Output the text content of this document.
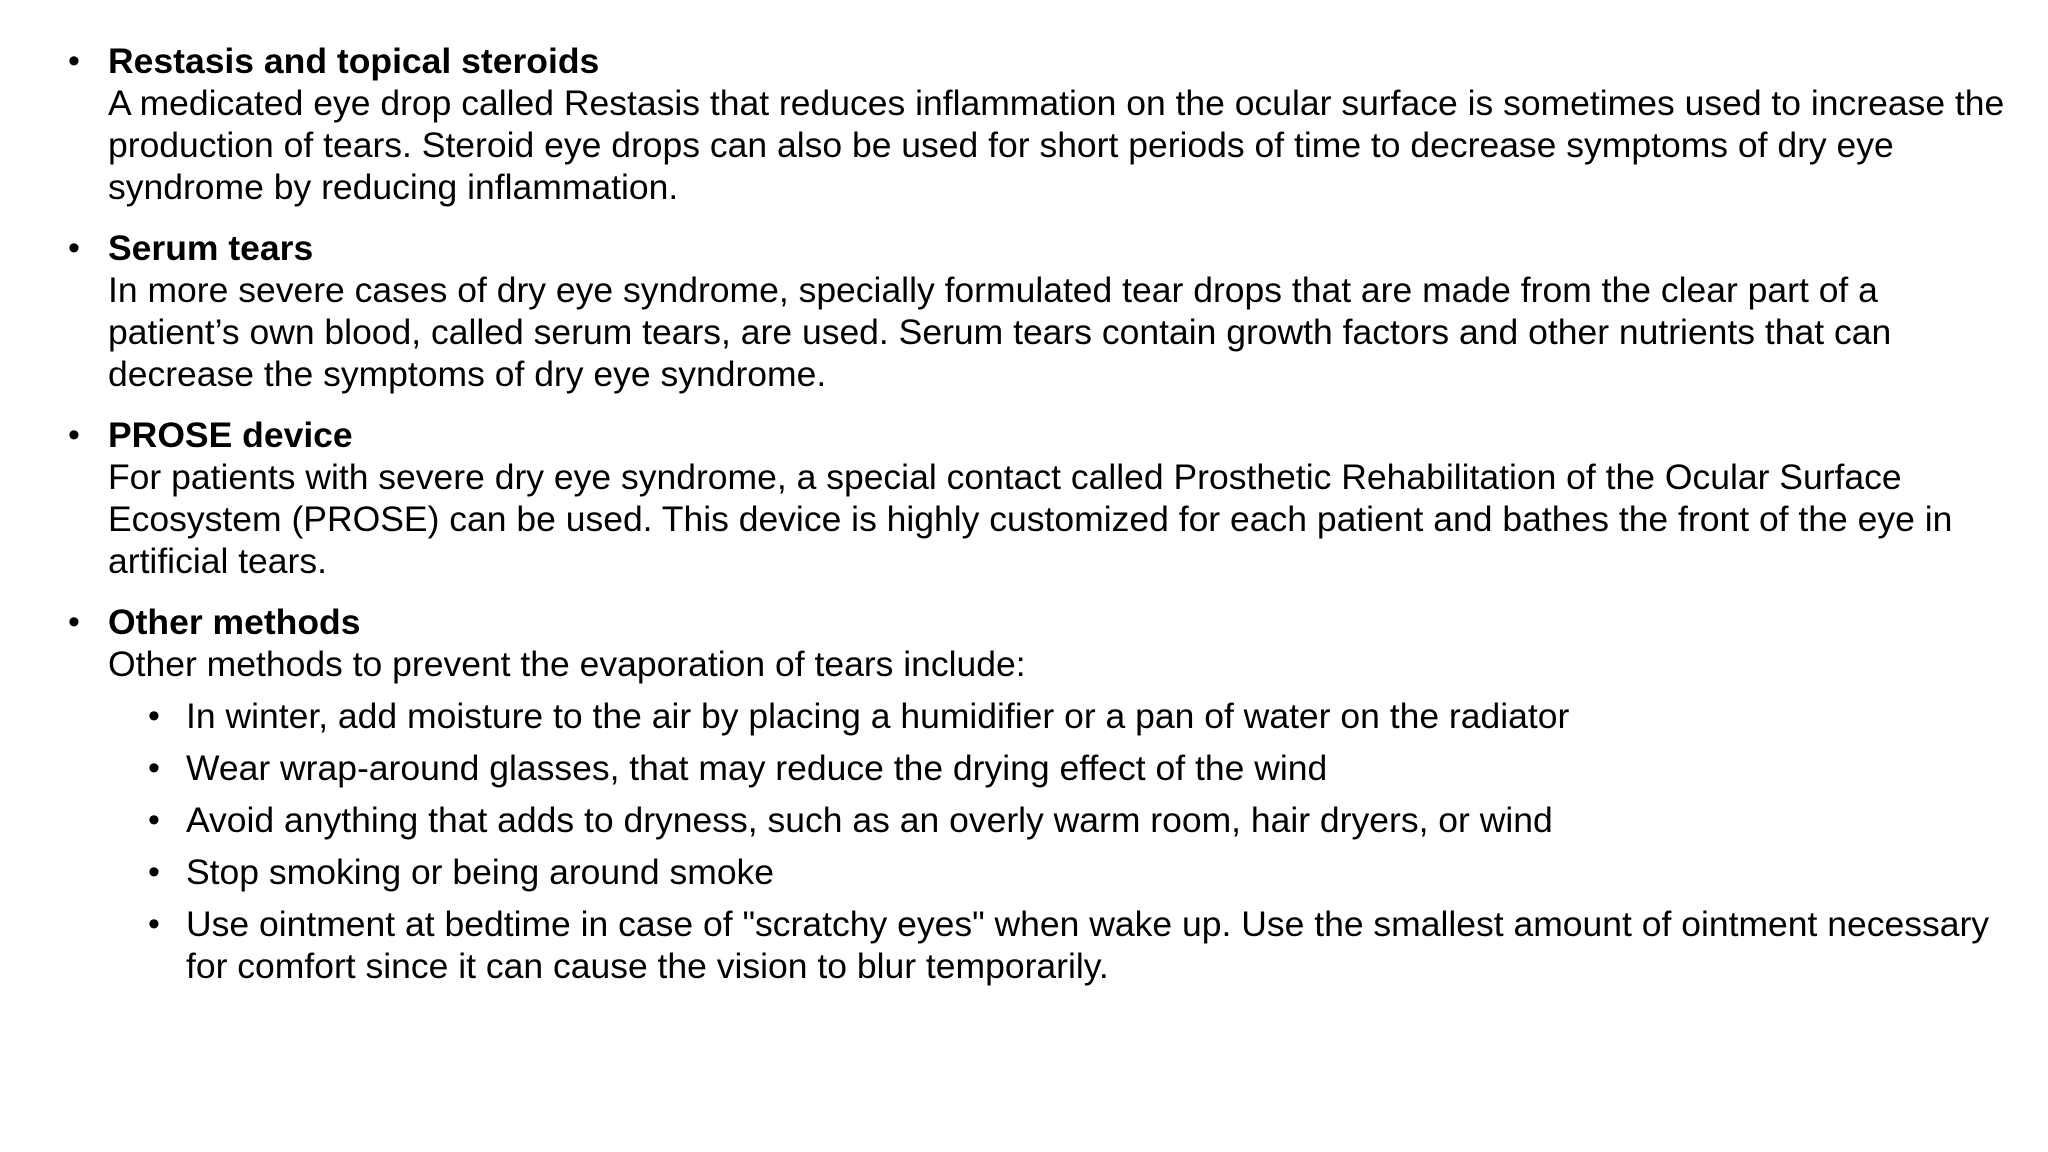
• Restasis and topical steroids
A medicated eye drop called Restasis that reduces inflammation on the ocular surface is sometimes used to increase the production of tears. Steroid eye drops can also be used for short periods of time to decrease symptoms of dry eye syndrome by reducing inflammation.
• Serum tears
In more severe cases of dry eye syndrome, specially formulated tear drops that are made from the clear part of a patient’s own blood, called serum tears, are used. Serum tears contain growth factors and other nutrients that can decrease the symptoms of dry eye syndrome.
• PROSE device
For patients with severe dry eye syndrome, a special contact called Prosthetic Rehabilitation of the Ocular Surface Ecosystem (PROSE) can be used. This device is highly customized for each patient and bathes the front of the eye in artificial tears.
• Other methods
Other methods to prevent the evaporation of tears include:
• In winter, add moisture to the air by placing a humidifier or a pan of water on the radiator
• Wear wrap-around glasses, that may reduce the drying effect of the wind
• Avoid anything that adds to dryness, such as an overly warm room, hair dryers, or wind
• Stop smoking or being around smoke
• Use ointment at bedtime in case of "scratchy eyes" when wake up. Use the smallest amount of ointment necessary for comfort since it can cause the vision to blur temporarily.
